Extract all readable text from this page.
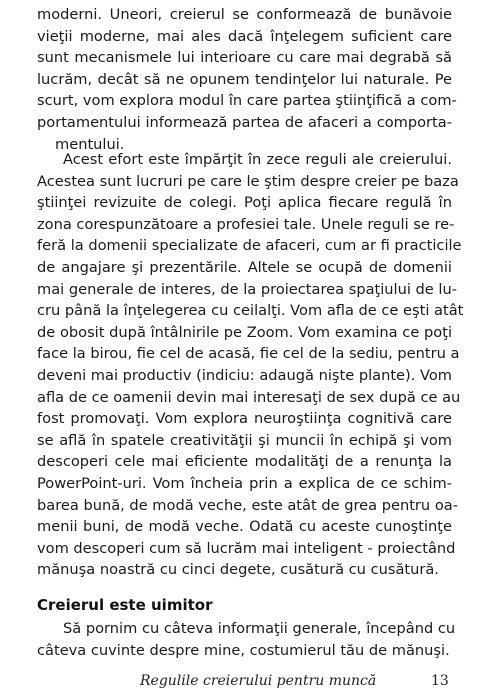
moderni. Uneori, creierul se conformează de bunăvoie
vieţii moderne, mai ales dacă înţelegem suficient care
sunt mecanismele lui interioare cu care mai degrabă să
lucrăm, decât să ne opunem tendinţelor lui naturale. Pe
scurt, vom explora modul în care partea ştiinţifică a com-
portamentului informează partea de afaceri a comporta-
mentului.
Acest efort este împărţit în zece reguli ale creierului.
Acestea sunt lucruri pe care le ştim despre creier pe baza
ştiinţei revizuite de colegi. Poţi aplica fiecare regulă în
zona corespunzătoare a profesiei tale. Unele reguli se re-
feră la domenii specializate de afaceri, cum ar fi practicile
de angajare şi prezentările. Altele se ocupă de domenii
mai generale de interes, de la proiectarea spaţiului de lu-
cru până la înţelegerea cu ceilalţi. Vom afla de ce eşti atât
de obosit după întâlnirile pe Zoom. Vom examina ce poţi
face la birou, fie cel de acasă, fie cel de la sediu, pentru a
deveni mai productiv (indiciu: adaugă nişte plante). Vom
afla de ce oamenii devin mai interesaţi de sex după ce au
fost promovaţi. Vom explora neuroştiinţa cognitivă care
se află în spatele creativităţii şi muncii în echipă şi vom
descoperi cele mai eficiente modalităţi de a renunţa la
PowerPoint-uri. Vom încheia prin a explica de ce schim-
barea bună, de modă veche, este atât de grea pentru oa-
menii buni, de modă veche. Odată cu aceste cunoştinţe
vom descoperi cum să lucrăm mai inteligent - proiectând
mănuşa noastră cu cinci degete, cusătură cu cusătură.
Creierul este uimitor
Să pornim cu câteva informaţii generale, începând cu
câteva cuvinte despre mine, costumierul tău de mănuşi.
Regulile creierului pentru muncă	13
